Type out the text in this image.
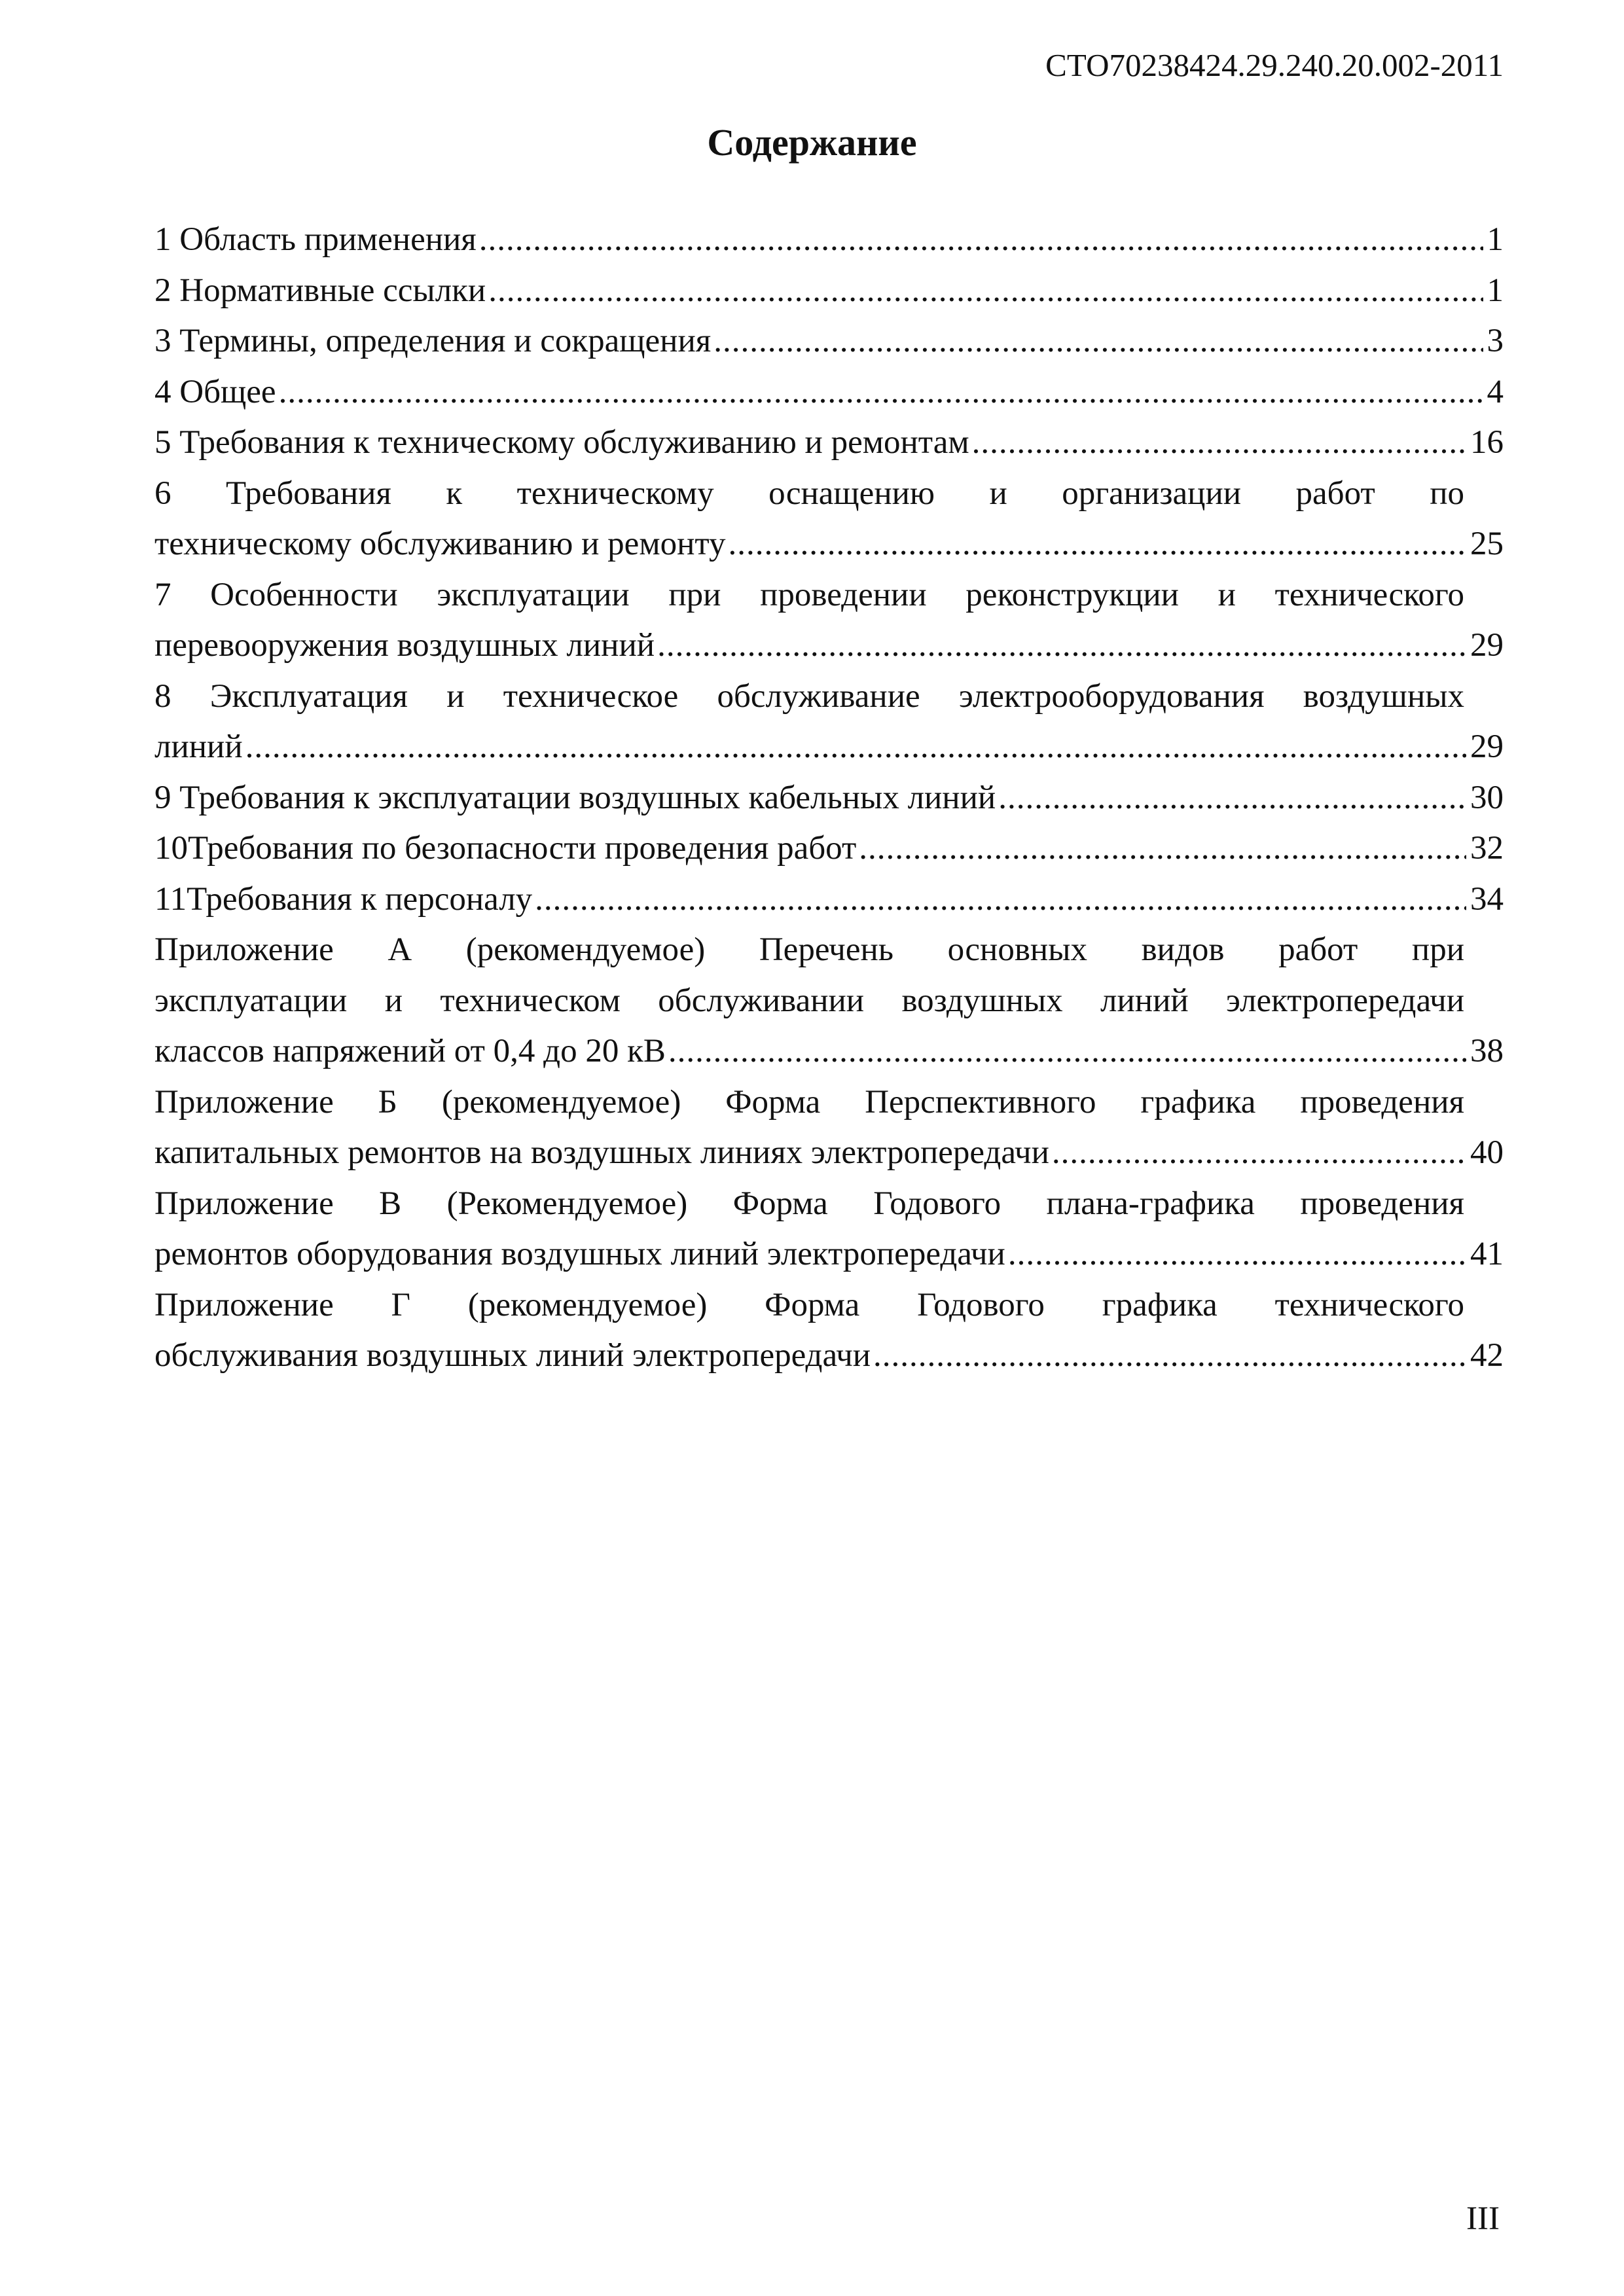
СТО70238424.29.240.20.002-2011
Содержание
1 Область применения .....	1
2 Нормативные ссылки .....	1
3 Термины, определения и сокращения .....	3
4 Общее .....	4
5 Требования к техническому обслуживанию и ремонтам .....	16
6 Требования к техническому оснащению и организации работ по
техническому обслуживанию и ремонту .....	25
7 Особенности эксплуатации при проведении реконструкции и технического
перевооружения воздушных линий .....	29
8 Эксплуатация и техническое обслуживание электрооборудования воздушных
линий .....	29
9 Требования к эксплуатации воздушных кабельных линий .....	30
10Требования по безопасности проведения работ .....	32
11Требования к персоналу .....	34
Приложение А (рекомендуемое) Перечень основных видов работ при
эксплуатации и техническом обслуживании воздушных линий электропередачи
классов напряжений от 0,4 до 20 кВ .....	38
Приложение Б (рекомендуемое) Форма Перспективного графика проведения
капитальных ремонтов на воздушных линиях электропередачи .....	40
Приложение В (Рекомендуемое) Форма Годового плана-графика проведения
ремонтов оборудования воздушных линий электропередачи .....	41
Приложение Г (рекомендуемое) Форма Годового графика технического
обслуживания воздушных линий электропередачи .....	42
III
